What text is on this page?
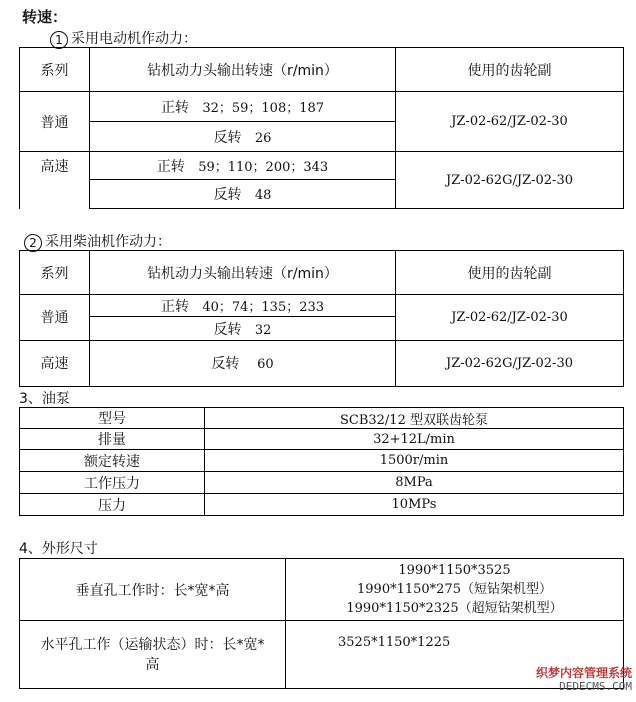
转速：
1 采用电动机作动力：
系列	钻机动力头输出转速（r/min）	使用的齿轮副
普通	正转 32；59；108；187	JZ-02-62/JZ-02-30
	反转 26	
高速	正转 59；110；200；343	JZ-02-62G/JZ-02-30
	反转 48	
2 采用柴油机作动力：
系列	钻机动力头输出转速（r/min）	使用的齿轮副
普通	正转 40；74；135；233	JZ-02-62/JZ-02-30
	反转 32	
高速	反转 60	JZ-02-62G/JZ-02-30
3、油泵
型号	SCB32/12 型双联齿轮泵
排量	32+12L/min
额定转速	1500r/min
工作压力	8MPa
压力	10MPs
4、外形尺寸
垂直孔工作时：长*宽*高	1990*1150*3525
1990*1150*275（短钻架机型）
1990*1150*2325（超短钻架机型）

水平孔工作（运输状态）时：长*宽*
高	3525*1150*1225
织梦内容管理系统
DEDECMS.COM
